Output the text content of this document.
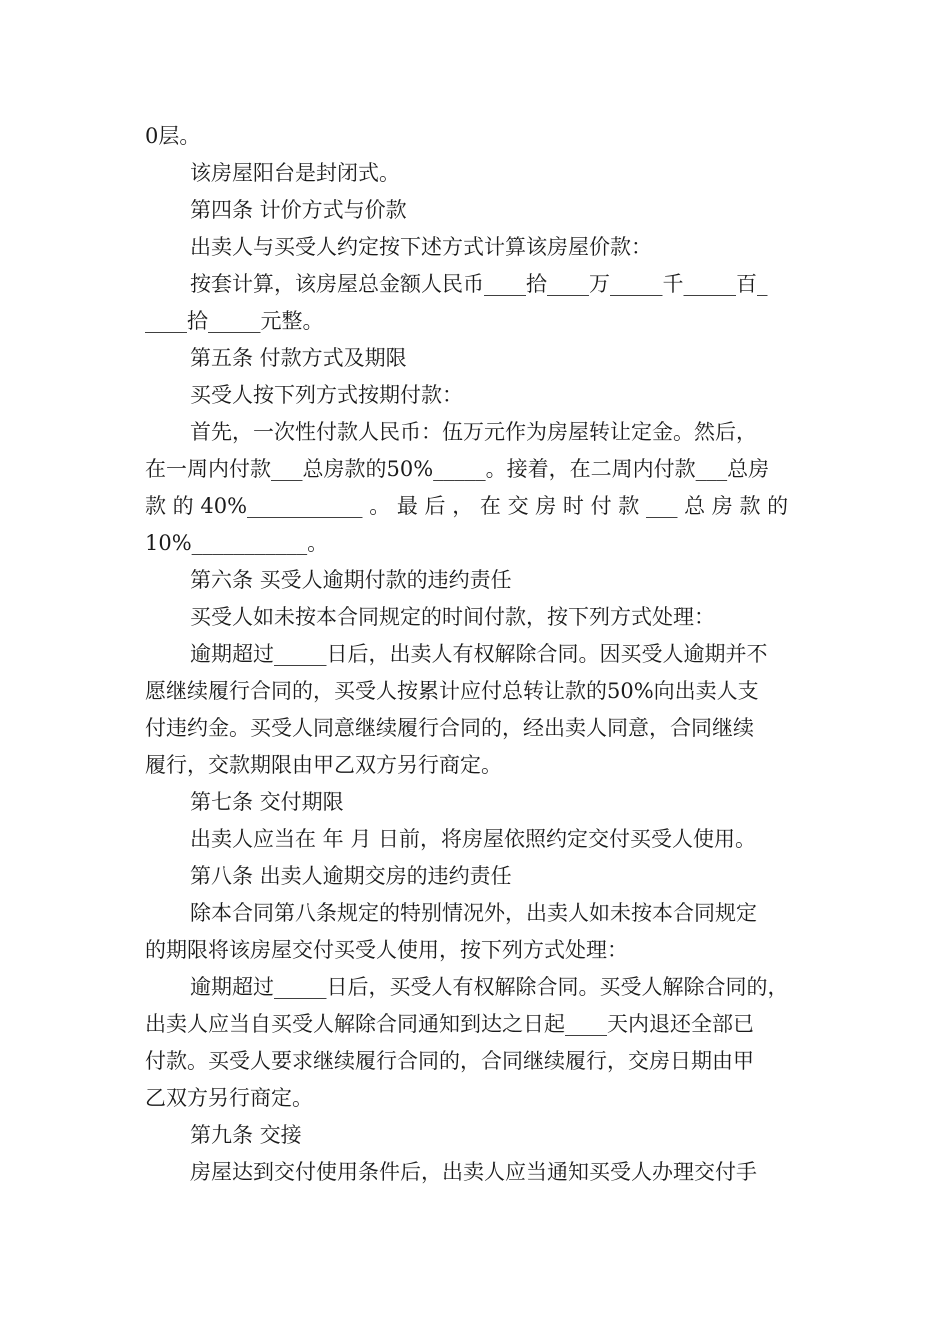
0层。
该房屋阳台是封闭式。
第四条 计价方式与价款
出卖人与买受人约定按下述方式计算该房屋价款：
按套计算，该房屋总金额人民币____拾____万_____千_____百_
____拾_____元整。
第五条 付款方式及期限
买受人按下列方式按期付款：
首先，一次性付款人民币：伍万元作为房屋转让定金。然后，
在一周内付款___总房款的50%_____。接着，在二周内付款___总房
款 的 40%___________ 。 最 后 ， 在 交 房 时 付 款 ___ 总 房 款 的
10%___________。
第六条 买受人逾期付款的违约责任
买受人如未按本合同规定的时间付款，按下列方式处理：
逾期超过_____日后，出卖人有权解除合同。因买受人逾期并不
愿继续履行合同的，买受人按累计应付总转让款的50%向出卖人支
付违约金。买受人同意继续履行合同的，经出卖人同意，合同继续
履行，交款期限由甲乙双方另行商定。
第七条 交付期限
出卖人应当在 年 月 日前，将房屋依照约定交付买受人使用。
第八条 出卖人逾期交房的违约责任
除本合同第八条规定的特别情况外，出卖人如未按本合同规定
的期限将该房屋交付买受人使用，按下列方式处理：
逾期超过_____日后，买受人有权解除合同。买受人解除合同的，
出卖人应当自买受人解除合同通知到达之日起____天内退还全部已
付款。买受人要求继续履行合同的，合同继续履行，交房日期由甲
乙双方另行商定。
第九条 交接
房屋达到交付使用条件后，出卖人应当通知买受人办理交付手
